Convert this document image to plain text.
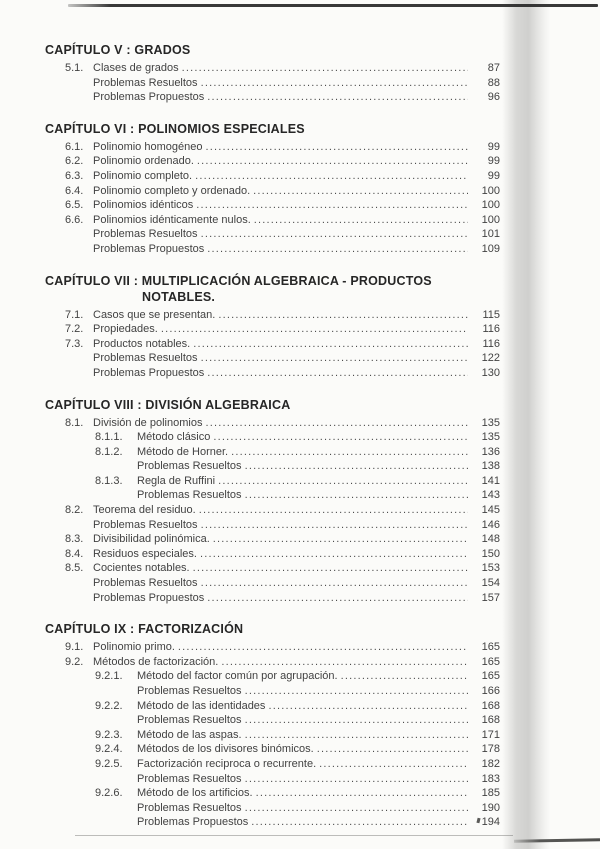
CAPÍTULO V : GRADOS
5.1. Clases de grados .....	87
Problemas Resueltos .....	88
Problemas Propuestos .....	96
CAPÍTULO VI : POLINOMIOS ESPECIALES
6.1. Polinomio homogéneo .....	99
6.2. Polinomio ordenado. .....	99
6.3. Polinomio completo. .....	99
6.4. Polinomio completo y ordenado. .....	100
6.5. Polinomios idénticos .....	100
6.6. Polinomios idénticamente nulos. .....	100
Problemas Resueltos .....	101
Problemas Propuestos .....	109
CAPÍTULO VII : MULTIPLICACIÓN ALGEBRAICA - PRODUCTOS
NOTABLES.
7.1. Casos que se presentan. .....	115
7.2. Propiedades. .....	116
7.3. Productos notables. .....	116
Problemas Resueltos .....	122
Problemas Propuestos .....	130
CAPÍTULO VIII : DIVISIÓN ALGEBRAICA
8.1. División de polinomios .....	135
8.1.1.	Método clásico .....	135
8.1.2.	Método de Horner. .....	136
Problemas Resueltos .....	138
8.1.3.	Regla de Ruffini .....	141
Problemas Resueltos .....	143
8.2. Teorema del residuo. .....	145
Problemas Resueltos .....	146
8.3. Divisibilidad polinómica. .....	148
8.4. Residuos especiales. .....	150
8.5. Cocientes notables. .....	153
Problemas Resueltos .....	154
Problemas Propuestos .....	157
CAPÍTULO IX : FACTORIZACIÓN
9.1. Polinomio primo. .....	165
9.2. Métodos de factorización. .....	165
9.2.1.	Método del factor común por agrupación. .....	165
Problemas Resueltos .....	166
9.2.2.	Método de las identidades .....	168
Problemas Resueltos .....	168
9.2.3.	Método de las aspas. .....	171
9.2.4.	Métodos de los divisores binómicos. .....	178
9.2.5.	Factorización reciproca o recurrente. .....	182
Problemas Resueltos .....	183
9.2.6.	Método de los artificios. .....	185
Problemas Resueltos .....	190
Problemas Propuestos .....	194
